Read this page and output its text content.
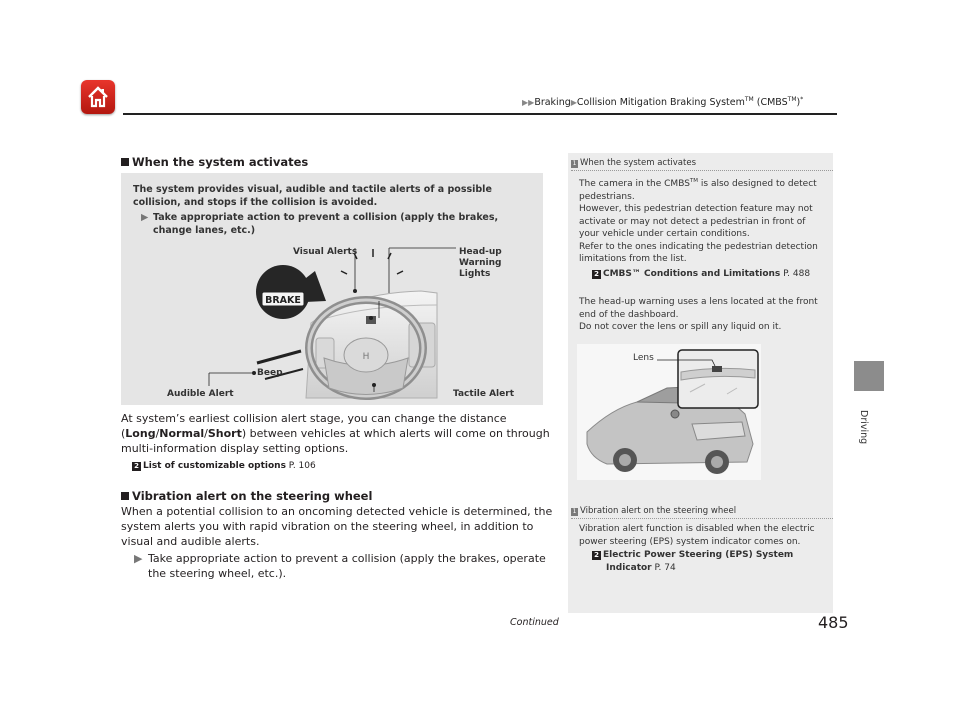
▶▶Braking▶Collision Mitigation Braking System™ (CMBS™)*
Driving
When the system activates
The system provides visual, audible and tactile alerts of a possible collision, and stops if the collision is avoided.
▶ Take appropriate action to prevent a collision (apply the brakes, change lanes, etc.)
H
BRAKE
Visual Alerts	Head-up
Warning
Lights
Beep
Audible Alert	Tactile Alert
At system’s earliest collision alert stage, you can change the distance (Long/Normal/Short) between vehicles at which alerts will come on through multi-information display setting options.
2 List of customizable options P. 106
Vibration alert on the steering wheel
When a potential collision to an oncoming detected vehicle is determined, the system alerts you with rapid vibration on the steering wheel, in addition to visual and audible alerts.
▶ Take appropriate action to prevent a collision (apply the brakes, operate the steering wheel, etc.).
1 When the system activates
The camera in the CMBS™ is also designed to detect pedestrians.
However, this pedestrian detection feature may not activate or may not detect a pedestrian in front of your vehicle under certain conditions.
Refer to the ones indicating the pedestrian detection limitations from the list.
2 CMBS™ Conditions and Limitations P. 488
The head-up warning uses a lens located at the front end of the dashboard.
Do not cover the lens or spill any liquid on it.
Lens
1 Vibration alert on the steering wheel
Vibration alert function is disabled when the electric power steering (EPS) system indicator comes on.
2 Electric Power Steering (EPS) System
Indicator P. 74
Continued	485
